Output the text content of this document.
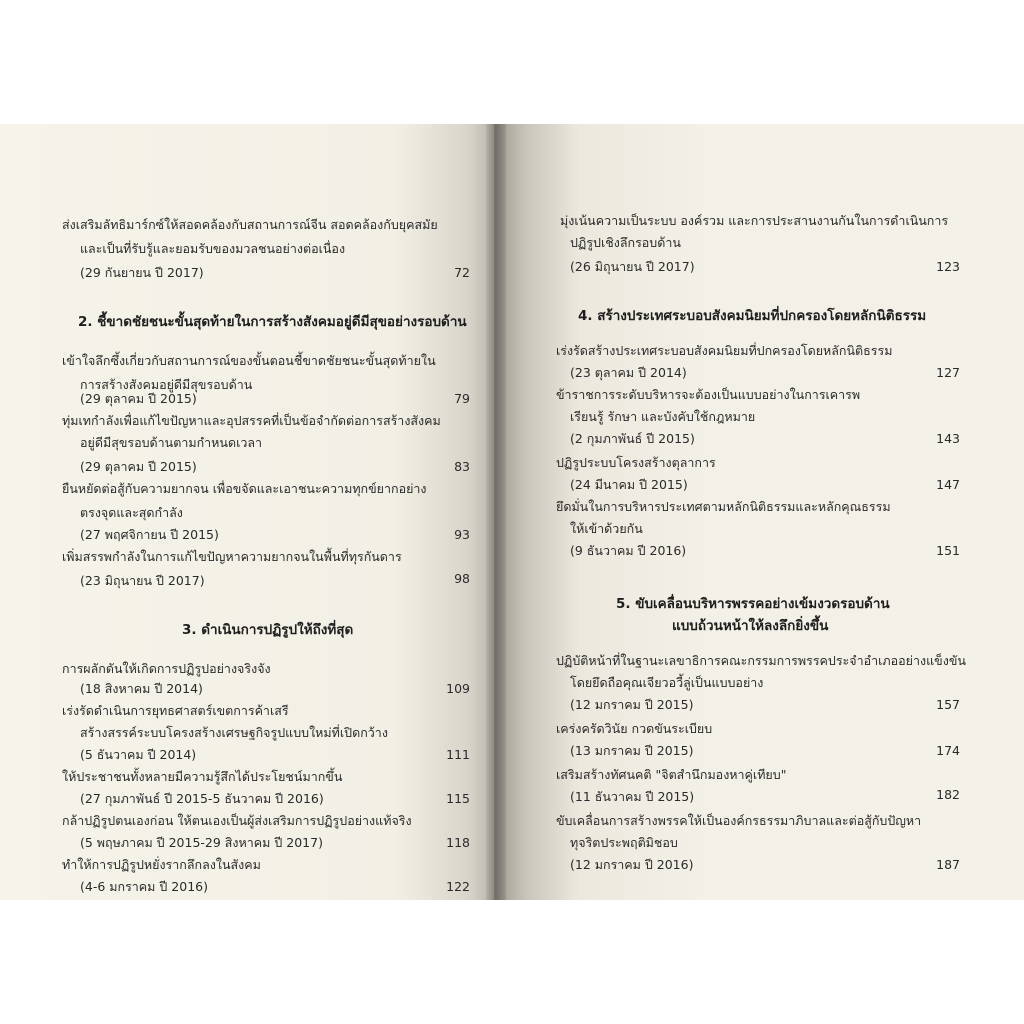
ส่งเสริมลัทธิมาร์กซ์ให้สอดคล้องกับสถานการณ์จีน สอดคล้องกับยุคสมัย
และเป็นที่รับรู้และยอมรับของมวลชนอย่างต่อเนื่อง
(29 กันยายน ปี 2017)	72
2. ชี้ขาดชัยชนะขั้นสุดท้ายในการสร้างสังคมอยู่ดีมีสุขอย่างรอบด้าน
เข้าใจลึกซึ้งเกี่ยวกับสถานการณ์ของขั้นตอนชี้ขาดชัยชนะขั้นสุดท้ายใน
การสร้างสังคมอยู่ดีมีสุขรอบด้าน
(29 ตุลาคม ปี 2015)	79
ทุ่มเทกำลังเพื่อแก้ไขปัญหาและอุปสรรคที่เป็นข้อจำกัดต่อการสร้างสังคม
อยู่ดีมีสุขรอบด้านตามกำหนดเวลา
(29 ตุลาคม ปี 2015)	83
ยืนหยัดต่อสู้กับความยากจน เพื่อขจัดและเอาชนะความทุกข์ยากอย่าง
ตรงจุดและสุดกำลัง
(27 พฤศจิกายน ปี 2015)	93
เพิ่มสรรพกำลังในการแก้ไขปัญหาความยากจนในพื้นที่ทุรกันดาร
(23 มิถุนายน ปี 2017)	98
3. ดำเนินการปฏิรูปให้ถึงที่สุด
การผลักดันให้เกิดการปฏิรูปอย่างจริงจัง
(18 สิงหาคม ปี 2014)	109
เร่งรัดดำเนินการยุทธศาสตร์เขตการค้าเสรี
สร้างสรรค์ระบบโครงสร้างเศรษฐกิจรูปแบบใหม่ที่เปิดกว้าง
(5 ธันวาคม ปี 2014)	111
ให้ประชาชนทั้งหลายมีความรู้สึกได้ประโยชน์มากขึ้น
(27 กุมภาพันธ์ ปี 2015-5 ธันวาคม ปี 2016)	115
กล้าปฏิรูปตนเองก่อน ให้ตนเองเป็นผู้ส่งเสริมการปฏิรูปอย่างแท้จริง
(5 พฤษภาคม ปี 2015-29 สิงหาคม ปี 2017)	118
ทำให้การปฏิรูปหยั่งรากลึกลงในสังคม
(4-6 มกราคม ปี 2016)	122
มุ่งเน้นความเป็นระบบ องค์รวม และการประสานงานกันในการดำเนินการ
ปฏิรูปเชิงลึกรอบด้าน
(26 มิถุนายน ปี 2017)	123
4. สร้างประเทศระบอบสังคมนิยมที่ปกครองโดยหลักนิติธรรม
เร่งรัดสร้างประเทศระบอบสังคมนิยมที่ปกครองโดยหลักนิติธรรม
(23 ตุลาคม ปี 2014)	127
ข้าราชการระดับบริหารจะต้องเป็นแบบอย่างในการเคารพ
เรียนรู้ รักษา และบังคับใช้กฎหมาย
(2 กุมภาพันธ์ ปี 2015)	143
ปฏิรูประบบโครงสร้างตุลาการ
(24 มีนาคม ปี 2015)	147
ยึดมั่นในการบริหารประเทศตามหลักนิติธรรมและหลักคุณธรรม
ให้เข้าด้วยกัน
(9 ธันวาคม ปี 2016)	151
5. ขับเคลื่อนบริหารพรรคอย่างเข้มงวดรอบด้าน
แบบถ้วนหน้าให้ลงลึกยิ่งขึ้น
ปฏิบัติหน้าที่ในฐานะเลขาธิการคณะกรรมการพรรคประจำอำเภออย่างแข็งขัน
โดยยึดถือคุณเจียวอวี้ลู่เป็นแบบอย่าง
(12 มกราคม ปี 2015)	157
เคร่งครัดวินัย กวดขันระเบียบ
(13 มกราคม ปี 2015)	174
เสริมสร้างทัศนคติ "จิตสำนึกมองหาคู่เทียบ"
(11 ธันวาคม ปี 2015)	182
ขับเคลื่อนการสร้างพรรคให้เป็นองค์กรธรรมาภิบาลและต่อสู้กับปัญหา
ทุจริตประพฤติมิชอบ
(12 มกราคม ปี 2016)	187
